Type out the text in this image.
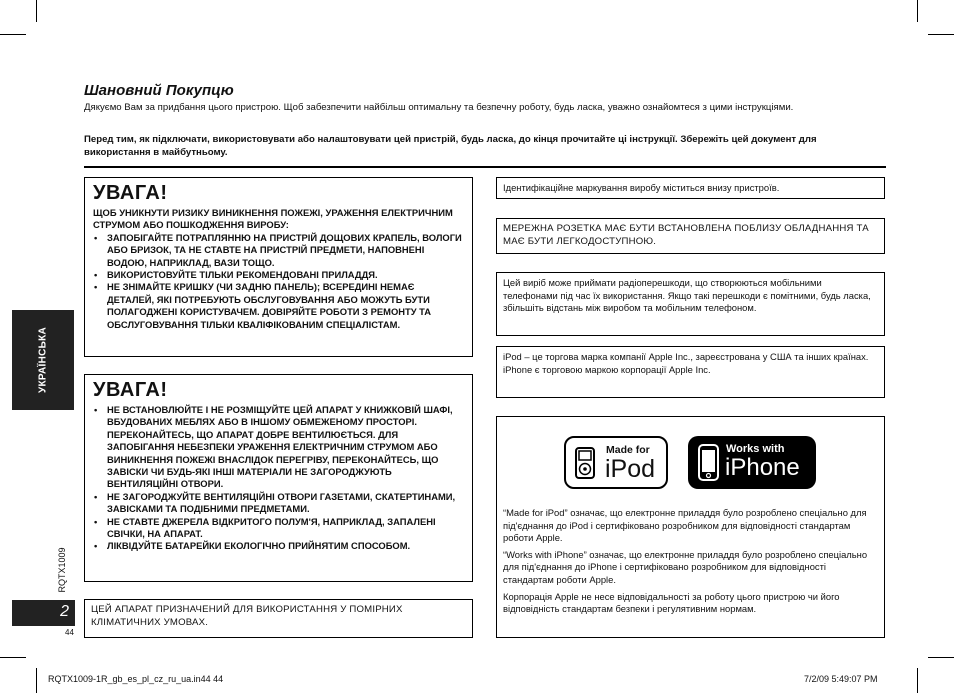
Шановний Покупцю

Дякуємо Вам за придбання цього пристрою. Щоб забезпечити найбільш оптимальну та безпечну роботу, будь ласка, уважно ознайомтеся з цими інструкціями.

Перед тим, як підключати, використовувати або налаштовувати цей пристрій, будь ласка, до кінця прочитайте ці інструкції. Збережіть цей документ для використання в майбутньому.

УКРАЇНСЬКА
RQTX1009
2
44
УВАГА!

ЩОБ УНИКНУТИ РИЗИКУ ВИНИКНЕННЯ ПОЖЕЖІ, УРАЖЕННЯ ЕЛЕКТРИЧНИМ СТРУМОМ АБО ПОШКОДЖЕННЯ ВИРОБУ:

• ЗАПОБІГАЙТЕ ПОТРАПЛЯННЮ НА ПРИСТРІЙ ДОЩОВИХ КРАПЕЛЬ, ВОЛОГИ АБО БРИЗОК, ТА НЕ СТАВТЕ НА ПРИСТРІЙ ПРЕДМЕТИ, НАПОВНЕНІ ВОДОЮ, НАПРИКЛАД, ВАЗИ ТОЩО.
• ВИКОРИСТОВУЙТЕ ТІЛЬКИ РЕКОМЕНДОВАНІ ПРИЛАДДЯ.
• НЕ ЗНІМАЙТЕ КРИШКУ (ЧИ ЗАДНЮ ПАНЕЛЬ); ВСЕРЕДИНІ НЕМАЄ ДЕТАЛЕЙ, ЯКІ ПОТРЕБУЮТЬ ОБСЛУГОВУВАННЯ АБО МОЖУТЬ БУТИ ПОЛАГОДЖЕНІ КОРИСТУВАЧЕМ. ДОВІРЯЙТЕ РОБОТИ З РЕМОНТУ ТА ОБСЛУГОВУВАННЯ ТІЛЬКИ КВАЛІФІКОВАНИМ СПЕЦІАЛІСТАМ.
УВАГА!
• НЕ ВСТАНОВЛЮЙТЕ І НЕ РОЗМІЩУЙТЕ ЦЕЙ АПАРАТ У КНИЖКОВІЙ ШАФІ, ВБУДОВАНИХ МЕБЛЯХ АБО В ІНШОМУ ОБМЕЖЕНОМУ ПРОСТОРІ. ПЕРЕКОНАЙТЕСЬ, ЩО АПАРАТ ДОБРЕ ВЕНТИЛЮЄТЬСЯ. ДЛЯ ЗАПОБІГАННЯ НЕБЕЗПЕКИ УРАЖЕННЯ ЕЛЕКТРИЧНИМ СТРУМОМ АБО ВИНИКНЕННЯ ПОЖЕЖІ ВНАСЛІДОК ПЕРЕГРІВУ, ПЕРЕКОНАЙТЕСЬ, ЩО ЗАВІСКИ ЧИ БУДЬ-ЯКІ ІНШІ МАТЕРІАЛИ НЕ ЗАГОРОДЖУЮТЬ ВЕНТИЛЯЦІЙНІ ОТВОРИ.
• НЕ ЗАГОРОДЖУЙТЕ ВЕНТИЛЯЦІЙНІ ОТВОРИ ГАЗЕТАМИ, СКАТЕРТИНАМИ, ЗАВІСКАМИ ТА ПОДІБНИМИ ПРЕДМЕТАМИ.
• НЕ СТАВТЕ ДЖЕРЕЛА ВІДКРИТОГО ПОЛУМ'Я, НАПРИКЛАД, ЗАПАЛЕНІ СВІЧКИ, НА АПАРАТ.
• ЛІКВІДУЙТЕ БАТАРЕЙКИ ЕКОЛОГІЧНО ПРИЙНЯТИМ СПОСОБОМ.

ЦЕЙ АПАРАТ ПРИЗНАЧЕНИЙ ДЛЯ ВИКОРИСТАННЯ У ПОМІРНИХ КЛІМАТИЧНИХ УМОВАХ.

Ідентифікаційне маркування виробу міститься внизу пристроїв.

МЕРЕЖНА РОЗЕТКА МАЄ БУТИ ВСТАНОВЛЕНА ПОБЛИЗУ ОБЛАДНАННЯ ТА МАЄ БУТИ ЛЕГКОДОСТУПНОЮ.

Цей виріб може приймати радіоперешкоди, що створюються мобільними телефонами під час їх використання. Якщо такі перешкоди є помітними, будь ласка, збільшіть відстань між виробом та мобільним телефоном.

iPod – це торгова марка компанії Apple Inc., зареєстрована у США та інших країнах.

iPhone є торговою маркою корпорації Apple Inc.

“Made for iPod” означає, що електронне приладдя було розроблено спеціально для під'єднання до iPod і сертифіковано розробником для відповідності стандартам роботи Apple.

“Works with iPhone” означає, що електронне приладдя було розроблено спеціально для під'єднання до iPhone і сертифіковано розробником для відповідності стандартам роботи Apple.

Корпорація Apple не несе відповідальності за роботу цього пристрою чи його відповідність стандартам безпеки і регулятивним нормам.

Made for
iPod
Works with
iPhone
RQTX1009-1R_gb_es_pl_cz_ru_ua.in44 44	7/2/09 5:49:07 PM
